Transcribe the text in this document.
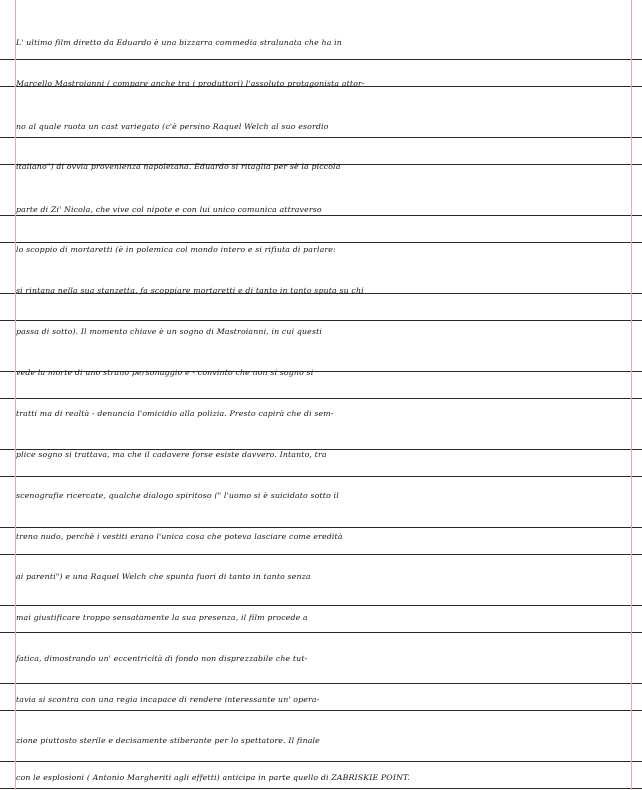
L' ultimo film diretto da Eduardo è una bizzarra commedia stralunata che ha in
Marcello Mastroianni ( compare anche tra i produttori) l'assoluto protagonista attor-
no al quale ruota un cast variegato (c'è persino Raquel Welch al suo esordio
italiano") di ovvia provenienza napoletana. Eduardo si ritaglia per sè la piccola
parte di Zi' Nicola, che vive col nipote e con lui unico comunica attraverso
lo scoppio di mortaretti (è in polemica col mondo intero e si rifiuta di parlare:
si rintana nella sua stanzetta, fa scoppiare mortaretti e di tanto in tanto sputa su chi
passa di sotto). Il momento chiave è un sogno di Mastroianni, in cui questi
vede la morte di uno strano personaggio e - convinto che non si sogno si
tratti ma di realtà - denuncia l'omicidio alla polizia. Presto capirà che di sem-
plice sogno si trattava, ma che il cadavere forse esiste davvero. Intanto, tra
scenografie ricercate, qualche dialogo spiritoso (" l'uomo si è suicidato sotto il
treno nudo, perchè i vestiti erano l'unica cosa che poteva lasciare come eredità
ai parenti") e una Raquel Welch che spunta fuori di tanto in tanto senza
mai giustificare troppo sensatamente la sua presenza, il film procede a
fatica, dimostrando un' eccentricità di fondo non disprezzabile che tut-
tavia si scontra con una regia incapace di rendere interessante un' opera-
zione piuttosto sterile e decisamente stiberante per lo spettatore. Il finale
con le esplosioni ( Antonio Margheriti agli effetti) anticipa in parte quello di ZABRISKIE POINT.
